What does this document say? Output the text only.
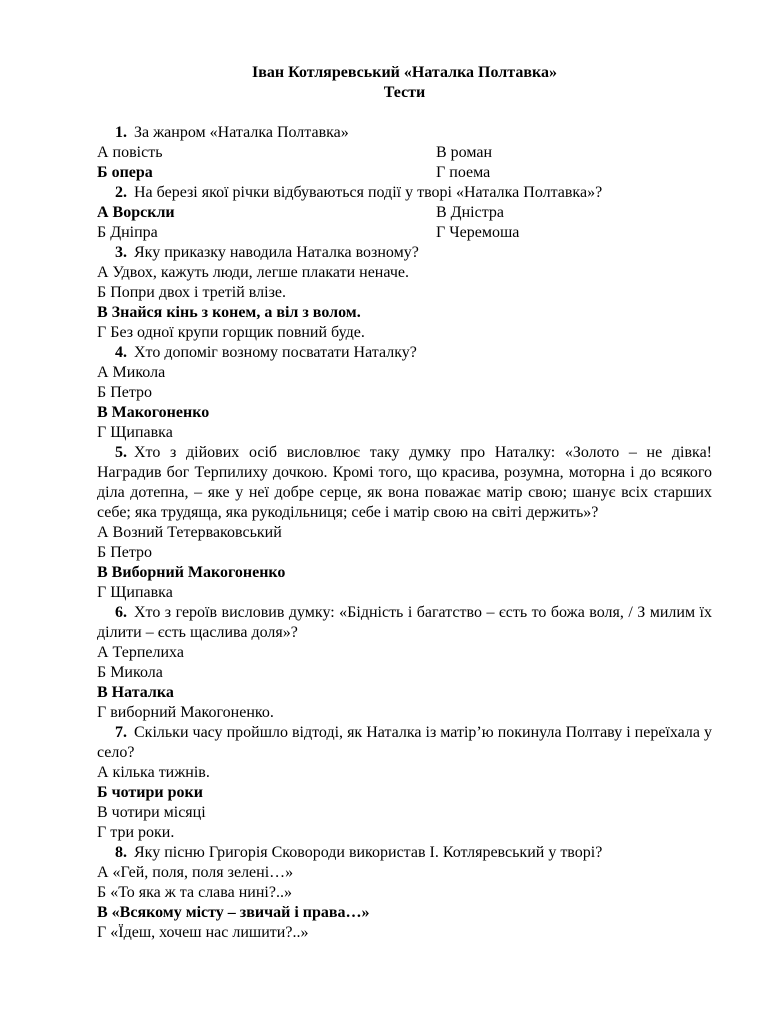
Іван Котляревський «Наталка Полтавка»

Тести

1. За жанром «Наталка Полтавка»

А повість	В роман
Б опера	Г поема

2. На березі якої річки відбуваються події у творі «Наталка Полтавка»?

А Ворскли	В Дністра
Б Дніпра	Г Черемоша

3. Яку приказку наводила Наталка возному?

А Удвох, кажуть люди, легше плакати неначе.
Б Попри двох і третій влізе.
В Знайся кінь з конем, а віл з волом.
Г Без одної крупи горщик повний буде.

4. Хто допоміг возному посватати Наталку?

А Микола
Б Петро
В Макогоненко
Г Щипавка

5. Хто з дійових осіб висловлює таку думку про Наталку: «Золото – не дівка! Наградив бог Терпилиху дочкою. Кромі того, що красива, розумна, моторна і до всякого діла дотепна, – яке у неї добре серце, як вона поважає матір свою; шанує всіх старших себе; яка трудяща, яка рукодільниця; себе і матір свою на світі держить»?

А Возний Тетерваковський
Б Петро
В Виборний Макогоненко
Г Щипавка

6. Хто з героїв висловив думку: «Бідність і багатство – єсть то божа воля, / З милим їх ділити – єсть щаслива доля»?

А Терпелиха
Б Микола
В Наталка
Г виборний Макогоненко.

7. Скільки часу пройшло відтоді, як Наталка із матір’ю покинула Полтаву і переїхала у село?

А кілька тижнів.
Б чотири роки
В чотири місяці
Г три роки.

8. Яку пісню Григорія Сковороди використав І. Котляревський у творі?

А «Гей, поля, поля зелені…»
Б «То яка ж та слава нині?..»
В «Всякому місту – звичай і права…»
Г «Їдеш, хочеш нас лишити?..»
